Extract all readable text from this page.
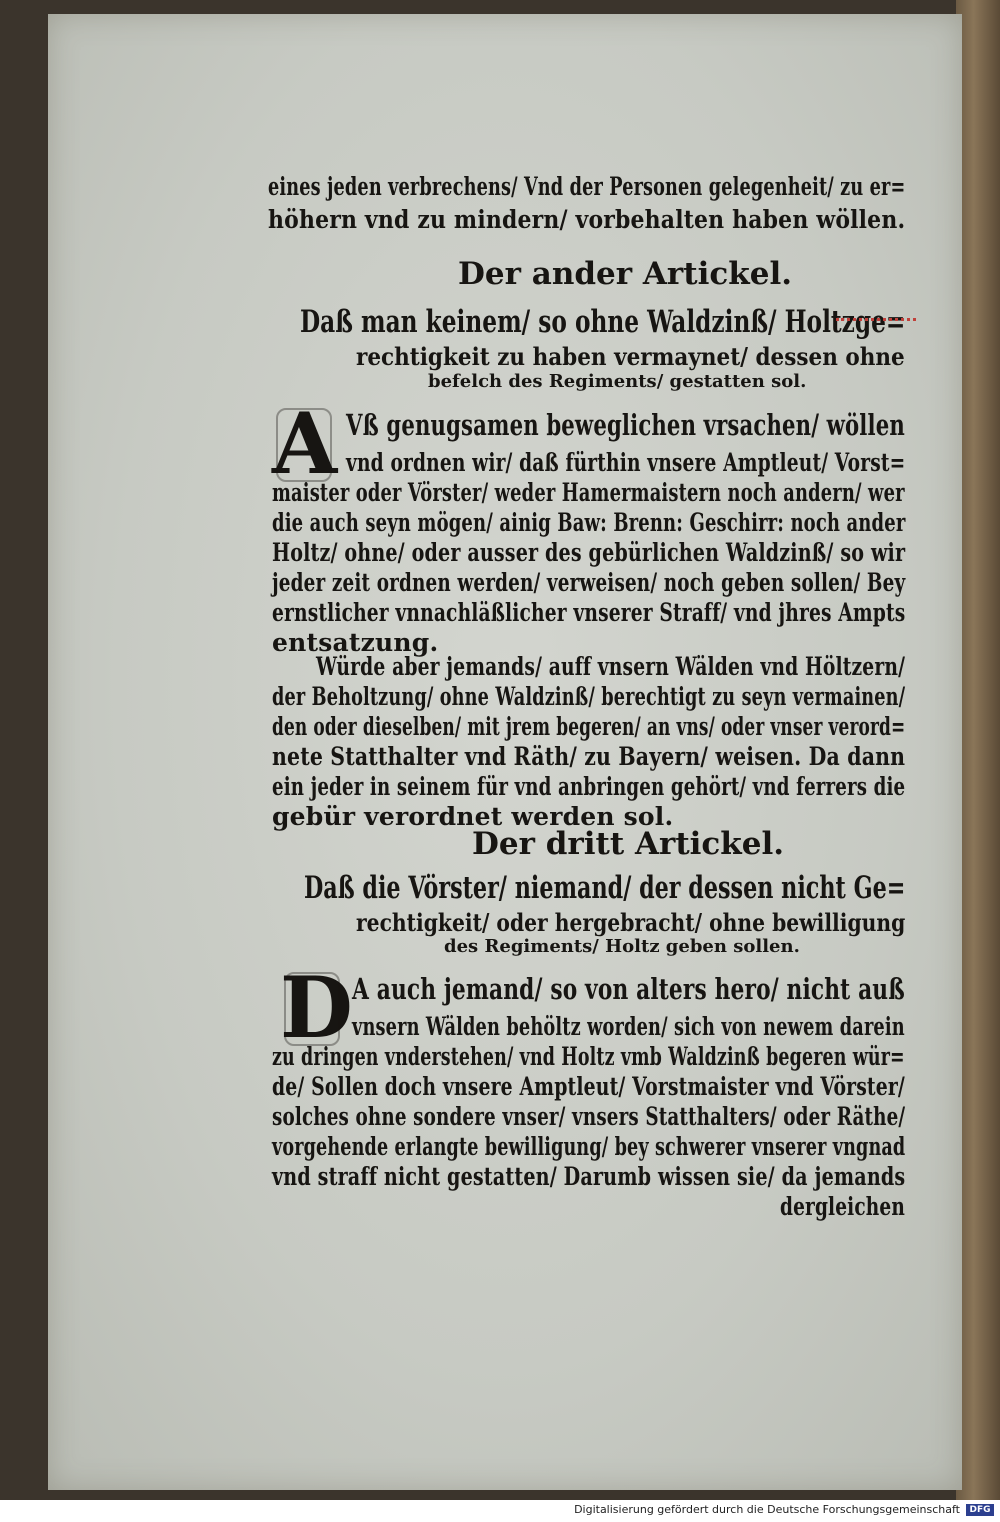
eines jeden verbrechens/ Vnd der Personen gelegenheit/ zu er=
höhern vnd zu mindern/ vorbehalten haben wöllen.
Der ander Artickel.
Daß man keinem/ so ohne Waldzinß/ Holtzge=
rechtigkeit zu haben vermaynet/ dessen ohne
befelch des Regiments/ gestatten sol.
A Vß genugsamen beweglichen vrsachen/ wöllen
vnd ordnen wir/ daß fürthin vnsere Amptleut/ Vorst=
maister oder Vörster/ weder Hamermaistern noch andern/ wer
die auch seyn mögen/ ainig Baw: Brenn: Geschirr: noch ander
Holtz/ ohne/ oder ausser des gebürlichen Waldzinß/ so wir
jeder zeit ordnen werden/ verweisen/ noch geben sollen/ Bey
ernstlicher vnnachläßlicher vnserer Straff/ vnd jhres Ampts
entsatzung.
Würde aber jemands/ auff vnsern Wälden vnd Höltzern/
der Beholtzung/ ohne Waldzinß/ berechtigt zu seyn vermainen/
den oder dieselben/ mit jrem begeren/ an vns/ oder vnser verord=
nete Statthalter vnd Räth/ zu Bayern/ weisen. Da dann
ein jeder in seinem für vnd anbringen gehört/ vnd ferrers die
gebür verordnet werden sol.
Der dritt Artickel.
Daß die Vörster/ niemand/ der dessen nicht Ge=
rechtigkeit/ oder hergebracht/ ohne bewilligung
des Regiments/ Holtz geben sollen.
D A auch jemand/ so von alters hero/ nicht auß
vnsern Wälden behöltz worden/ sich von newem darein
zu dringen vnderstehen/ vnd Holtz vmb Waldzinß begeren wür=
de/ Sollen doch vnsere Amptleut/ Vorstmaister vnd Vörster/
solches ohne sondere vnser/ vnsers Statthalters/ oder Räthe/
vorgehende erlangte bewilligung/ bey schwerer vnserer vngnad
vnd straff nicht gestatten/ Darumb wissen sie/ da jemands
dergleichen
Digitalisierung gefördert durch die Deutsche Forschungsgemeinschaft	DFG
